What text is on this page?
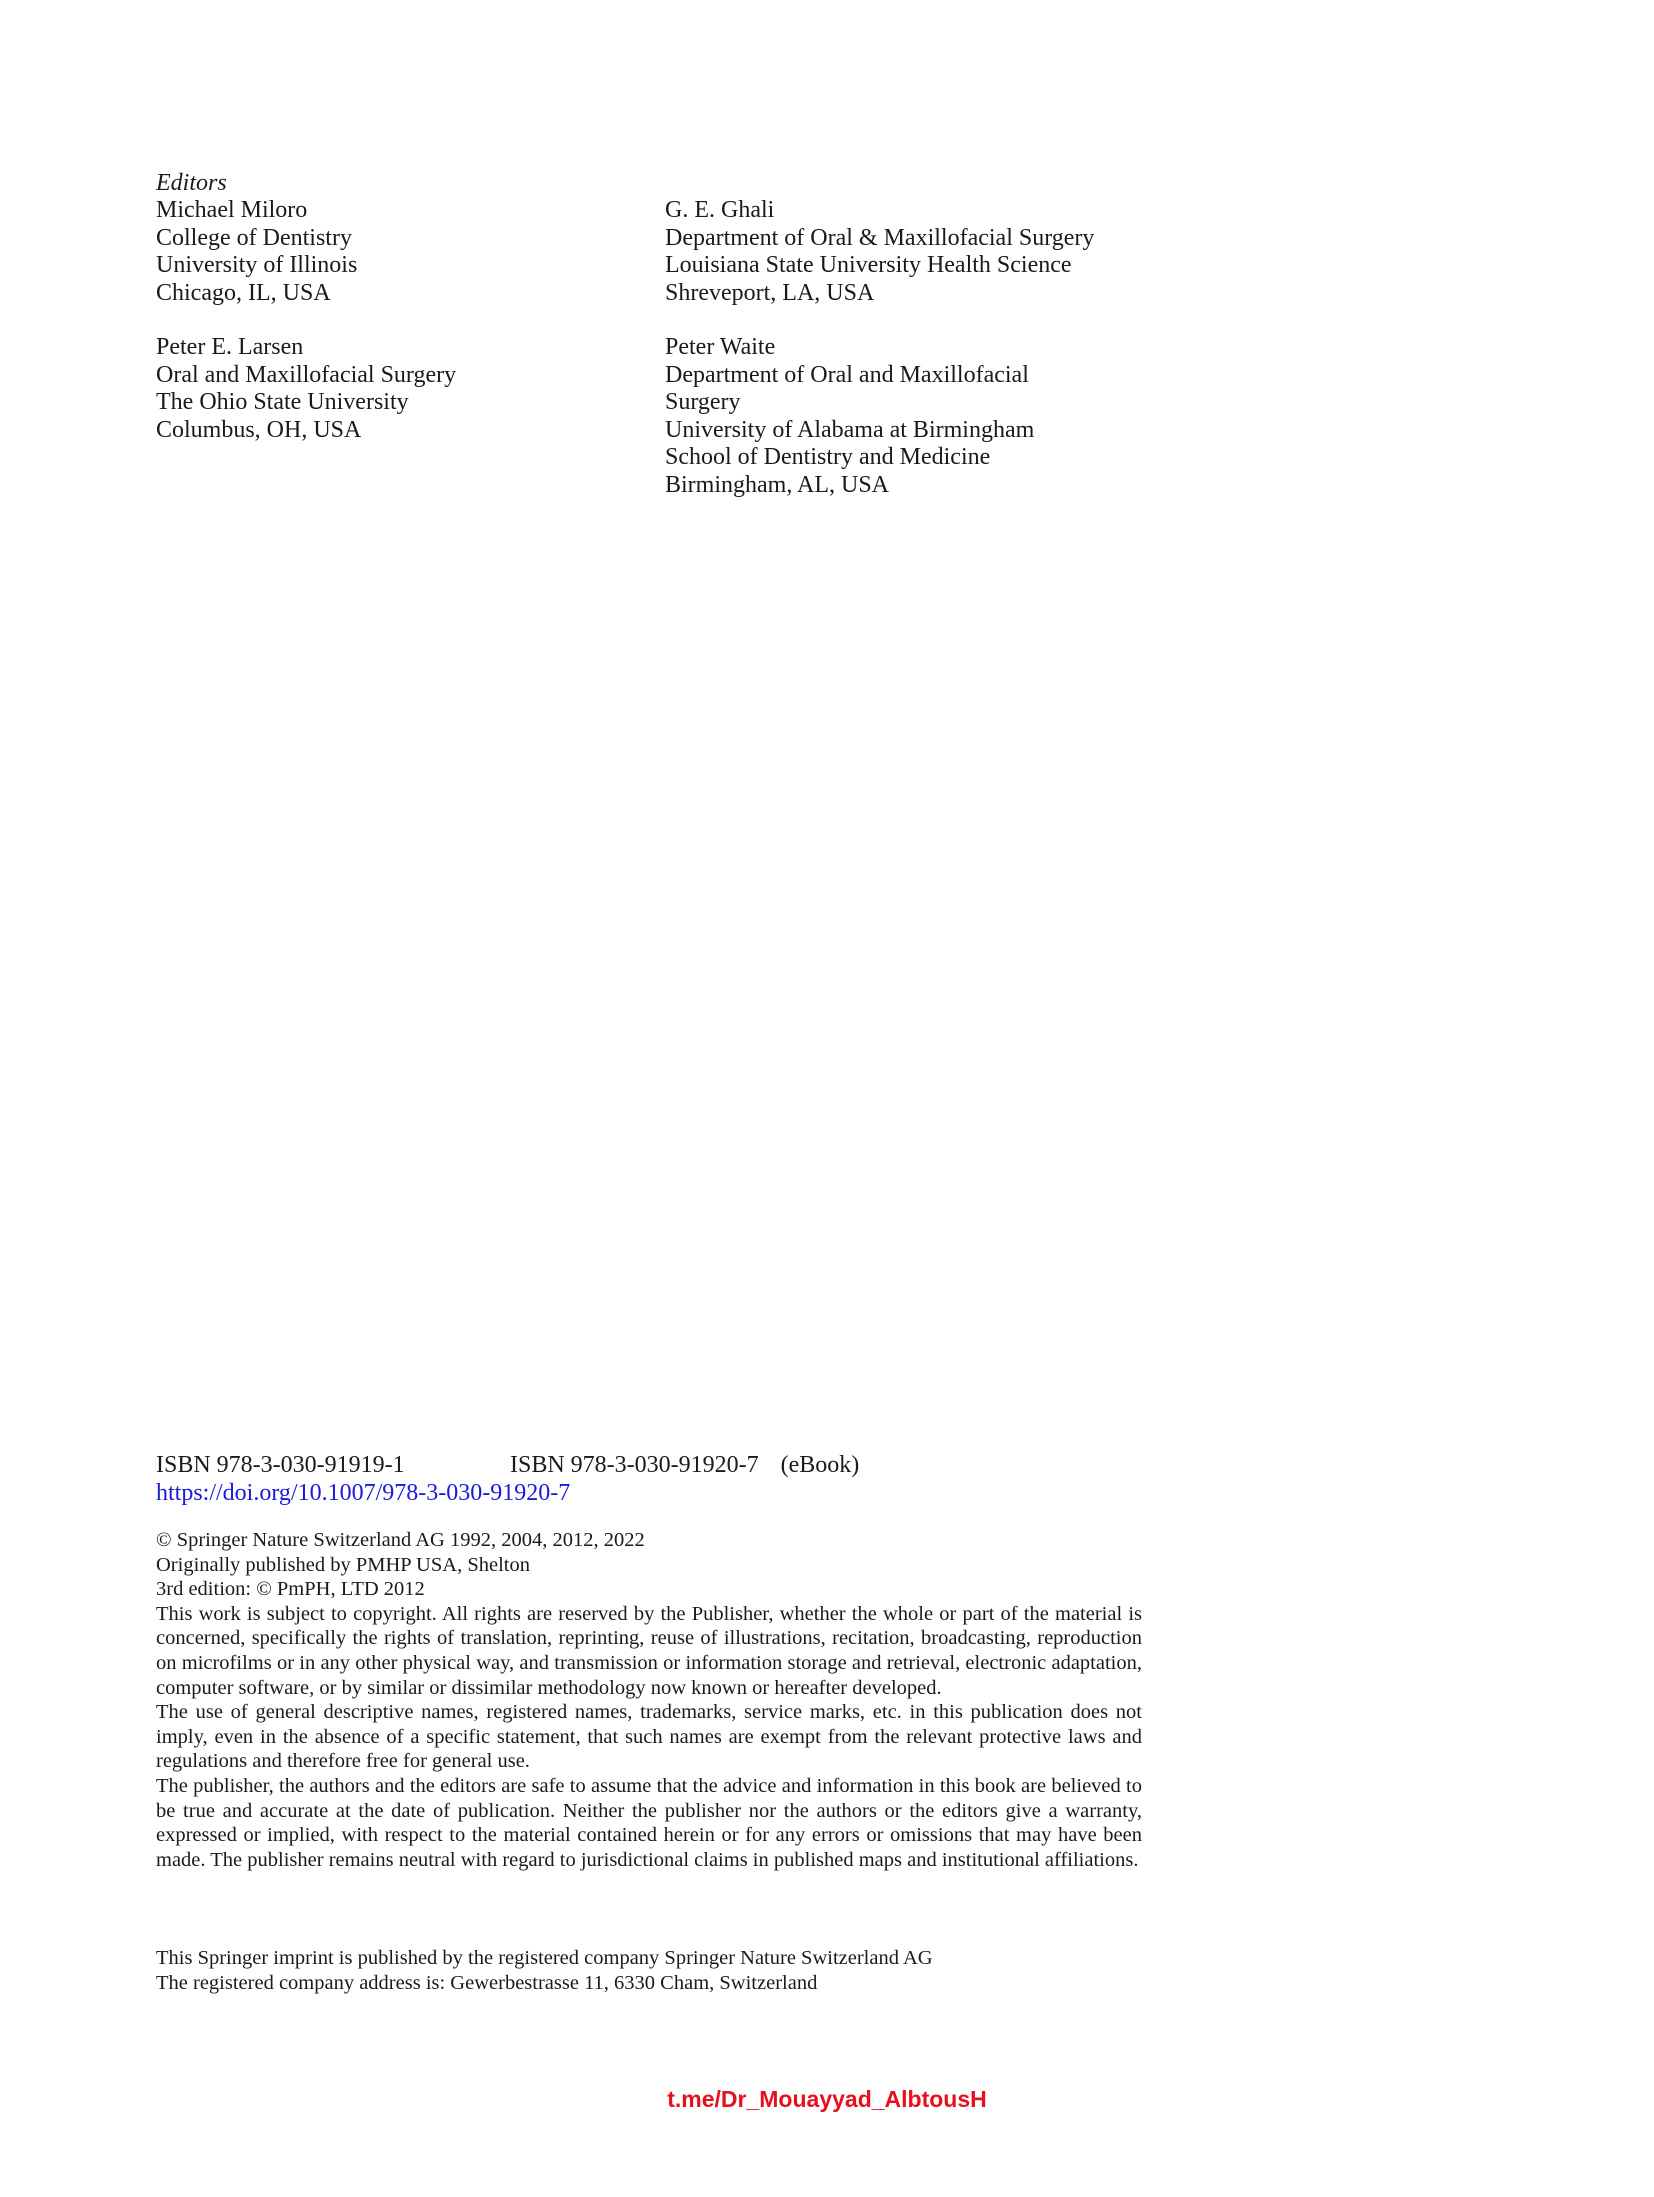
Editors
Michael Miloro
College of Dentistry
University of Illinois
Chicago, IL, USA
G. E. Ghali
Department of Oral & Maxillofacial Surgery
Louisiana State University Health Science
Shreveport, LA, USA
Peter E. Larsen
Oral and Maxillofacial Surgery
The Ohio State University
Columbus, OH, USA
Peter Waite
Department of Oral and Maxillofacial
Surgery
University of Alabama at Birmingham
School of Dentistry and Medicine
Birmingham, AL, USA
ISBN 978-3-030-91919-1	ISBN 978-3-030-91920-7 (eBook)
https://doi.org/10.1007/978-3-030-91920-7
© Springer Nature Switzerland AG 1992, 2004, 2012, 2022
Originally published by PMHP USA, Shelton
3rd edition: © PmPH, LTD 2012
This work is subject to copyright. All rights are reserved by the Publisher, whether the whole or part of the material is concerned, specifically the rights of translation, reprinting, reuse of illustrations, recitation, broadcasting, reproduction on microfilms or in any other physical way, and transmission or information storage and retrieval, electronic adaptation, computer software, or by similar or dissimilar methodology now known or hereafter developed.
The use of general descriptive names, registered names, trademarks, service marks, etc. in this publication does not imply, even in the absence of a specific statement, that such names are exempt from the relevant protective laws and regulations and therefore free for general use.
The publisher, the authors and the editors are safe to assume that the advice and information in this book are believed to be true and accurate at the date of publication. Neither the publisher nor the authors or the editors give a warranty, expressed or implied, with respect to the material contained herein or for any errors or omissions that may have been made. The publisher remains neutral with regard to jurisdictional claims in published maps and institutional affiliations.
This Springer imprint is published by the registered company Springer Nature Switzerland AG
The registered company address is: Gewerbestrasse 11, 6330 Cham, Switzerland
t.me/Dr_Mouayyad_AlbtousH
